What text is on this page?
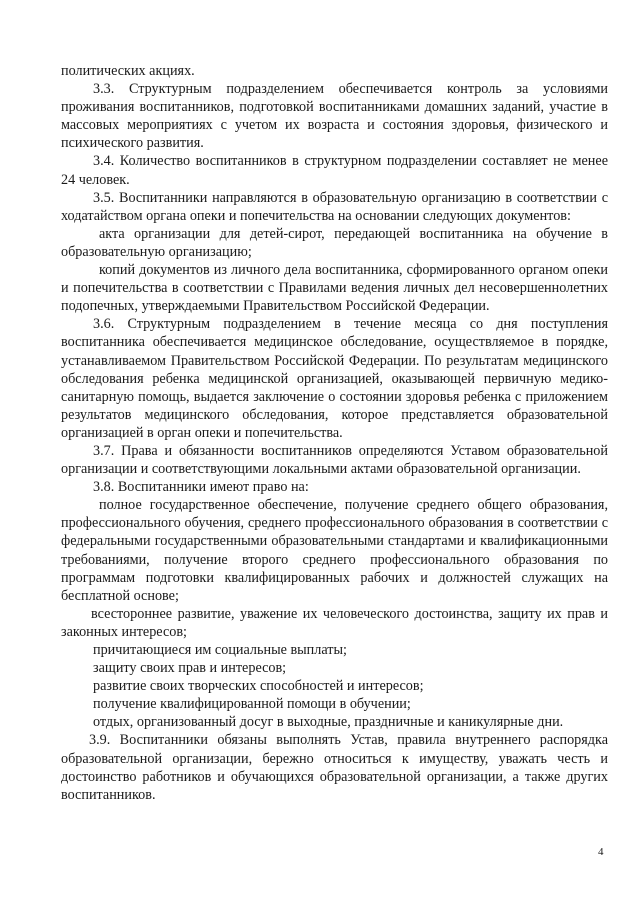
политических акциях.

3.3. Структурным подразделением обеспечивается контроль за условиями проживания воспитанников, подготовкой воспитанниками домашних заданий, участие в массовых мероприятиях с учетом их возраста и состояния здоровья, физического и психического развития.

3.4. Количество воспитанников в структурном подразделении составляет не менее 24 человек.

3.5. Воспитанники направляются в образовательную организацию в соответствии с ходатайством органа опеки и попечительства на основании следующих документов:

акта организации для детей-сирот, передающей воспитанника на обучение в образовательную организацию;

копий документов из личного дела воспитанника, сформированного органом опеки и попечительства в соответствии с Правилами ведения личных дел несовершеннолетних подопечных, утверждаемыми Правительством Российской Федерации.

3.6. Структурным подразделением в течение месяца со дня поступления воспитанника обеспечивается медицинское обследование, осуществляемое в порядке, устанавливаемом Правительством Российской Федерации. По результатам медицинского обследования ребенка медицинской организацией, оказывающей первичную медико-санитарную помощь, выдается заключение о состоянии здоровья ребенка с приложением результатов медицинского обследования, которое представляется образовательной организацией в орган опеки и попечительства.

3.7. Права и обязанности воспитанников определяются Уставом образовательной организации и соответствующими локальными актами образовательной организации.

3.8. Воспитанники имеют право на:

полное государственное обеспечение, получение среднего общего образования, профессионального обучения, среднего профессионального образования в соответствии с федеральными государственными образовательными стандартами и квалификационными требованиями, получение второго среднего профессионального образования по программам подготовки квалифицированных рабочих и должностей служащих на бесплатной основе;

всестороннее развитие, уважение их человеческого достоинства, защиту их прав и законных интересов;

причитающиеся им социальные выплаты;

защиту своих прав и интересов;

развитие своих творческих способностей и интересов;

получение квалифицированной помощи в обучении;

отдых, организованный досуг в выходные, праздничные и каникулярные дни.

3.9. Воспитанники обязаны выполнять Устав, правила внутреннего распорядка образовательной организации, бережно относиться к имуществу, уважать честь и достоинство работников и обучающихся образовательной организации, а также других воспитанников.

4
